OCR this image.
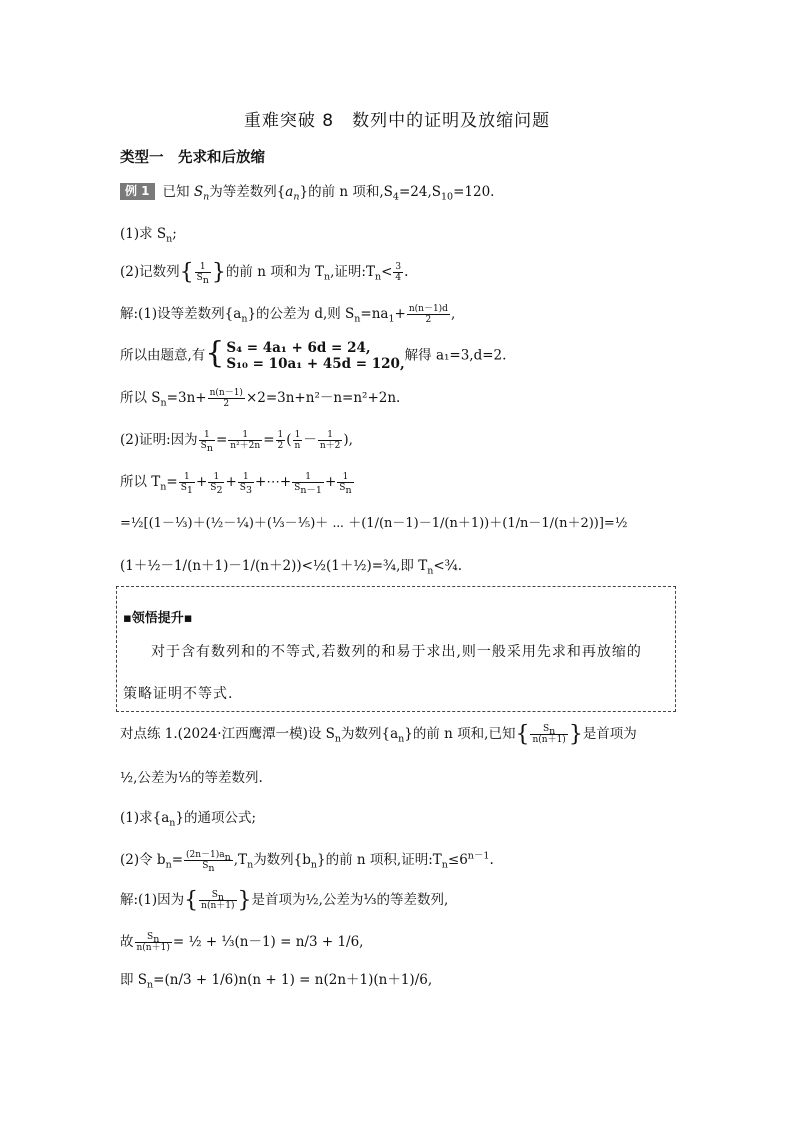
重难突破 8　数列中的证明及放缩问题
类型一　先求和后放缩
例 1 已知 $S_n$为等差数列$\{a_n\}$的前 n 项和$,S_4=24,S_{10}=120$.
(1)求 $S_n$;
(2)记数列{ $\frac{1}{S_n}$ }的前 n 项和为 $T_n$,证明$:T_n< \frac{3}{4}$ .
解:(1)设等差数列$\{a_n\}$的公差为 d,则 $S_n=na_1+ \frac{n(n-1)d}{2}$ ,
所以由题意,有{ S₄ = 4a₁ + 6d = 24,
S₁₀ = 10a₁ + 45d = 120,
解得 a₁=3,d=2.
所以 $S_n=3n+ \frac{n(n-1)}{2} \times 2=3n+n^2-n=n^2+2n$.
(2)证明:因为 $\frac{1}{S_n} = \frac{1}{\text{n²＋2n}} = \frac{1}{2}$ ( $\frac{1}{n} - \frac{1}{n+2}$ ),
所以 $T_n= \frac{1}{S_1} + \frac{1}{S_2} + \frac{1}{S_3}$ +⋯+ $\frac{1}{S_{n-1}} + \frac{1}{S_n}$
=½[(1－⅓)＋(½－¼)＋(⅓－⅕)＋ ⋯ ＋(1/(n－1)－1/(n＋1))＋(1/n－1/(n＋2))]=½
(1＋½－1/(n＋1)－1/(n＋2))<½(1＋½)=¾,即 $T_n<\frac{3}{4}$.
▪领悟提升▪
对于含有数列和的不等式,若数列的和易于求出,则一般采用先求和再放缩的
策略证明不等式.
对点练 1.(2024·江西鹰潭一模)设 $S_n$为数列$\{a_n\}$的前 n 项和,已知{ $\frac{S_n}{n(n+1)}$ }是首项为
½,公差为⅓的等差数列.
(1)求$\{a_n\}$的通项公式;
(2)令 $b_n= \frac{(2n-1)a_n}{S_n} ,T_n$为数列$\{b_n\}$的前 n 项积,证明$:T_n\le 6^{n-1}$.
解:(1)因为{ $\frac{S_n}{n(n+1)}$ }是首项为½,公差为⅓的等差数列,
故 $\frac{S_n}{n(n+1)}$ = ½ + ⅓(n－1) = n/3 + 1/6,
即 $S_n=(n/3 + 1/6)n(n + 1) = n(2n+1)(n+1)/6$,
